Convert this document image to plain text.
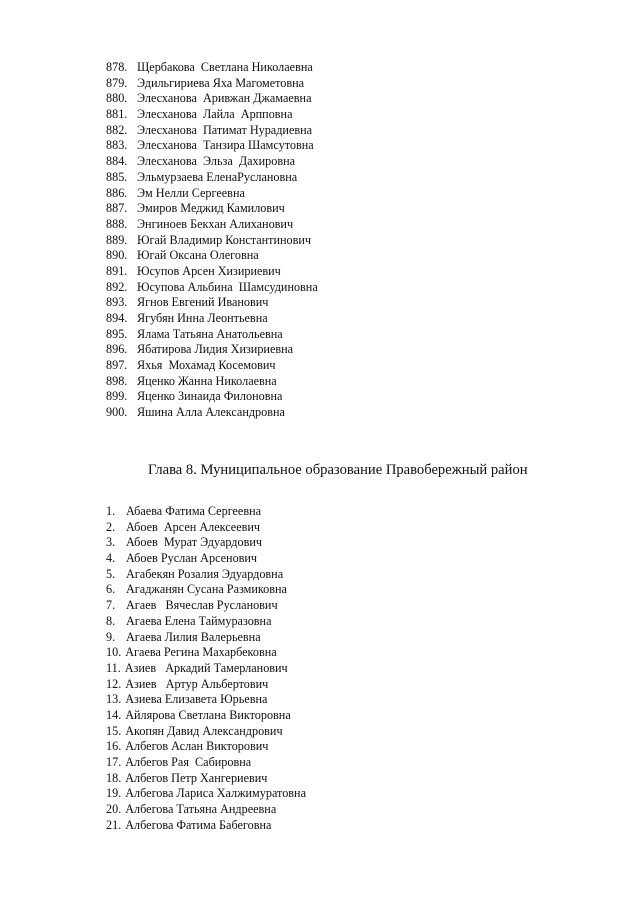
878. Щербакова  Светлана Николаевна
879. Эдильгириева Яха Магометовна
880. Элесханова  Аривжан Джамаевна
881. Элесханова  Лайла  Арпповна
882. Элесханова  Патимат Нурадиевна
883. Элесханова  Танзира Шамсутовна
884. Элесханова  Эльза  Дахировна
885. Эльмурзаева ЕленаРуслановна
886. Эм Нелли Сергеевна
887. Эмиров Меджид Камилович
888. Энгиноев Бекхан Алиханович
889. Югай Владимир Константинович
890. Югай Оксана Олеговна
891. Юсупов Арсен Хизириевич
892. Юсупова Альбина  Шамсудиновна
893. Ягнов Евгений Иванович
894. Ягубян Инна Леонтьевна
895. Ялама Татьяна Анатольевна
896. Ябатирова Лидия Хизириевна
897. Яхья  Мохамад Косемович
898. Яценко Жанна Николаевна
899. Яценко Зинаида Филоновна
900. Яшина Алла Александровна
Глава 8. Муниципальное образование Правобережный район
1. Абаева Фатима Сергеевна
2. Абоев  Арсен Алексеевич
3. Абоев  Мурат Эдуардович
4. Абоев Руслан Арсенович
5. Агабекян Розалия Эдуардовна
6. Агаджанян Сусана Размиковна
7. Агаев   Вячеслав Русланович
8. Агаева Елена Таймуразовна
9. Агаева Лилия Валерьевна
10. Агаева Регина Махарбековна
11. Азиев   Аркадий Тамерланович
12. Азиев   Артур Альбертович
13. Азиева Елизавета Юрьевна
14. Айлярова Светлана Викторовна
15. Акопян Давид Александрович
16. Албегов Аслан Викторович
17. Албегов Рая  Сабировна
18. Албегов Петр Хангериевич
19. Албегова Лариса Халжимуратовна
20. Албегова Татьяна Андреевна
21. Албегова Фатима Бабеговна
